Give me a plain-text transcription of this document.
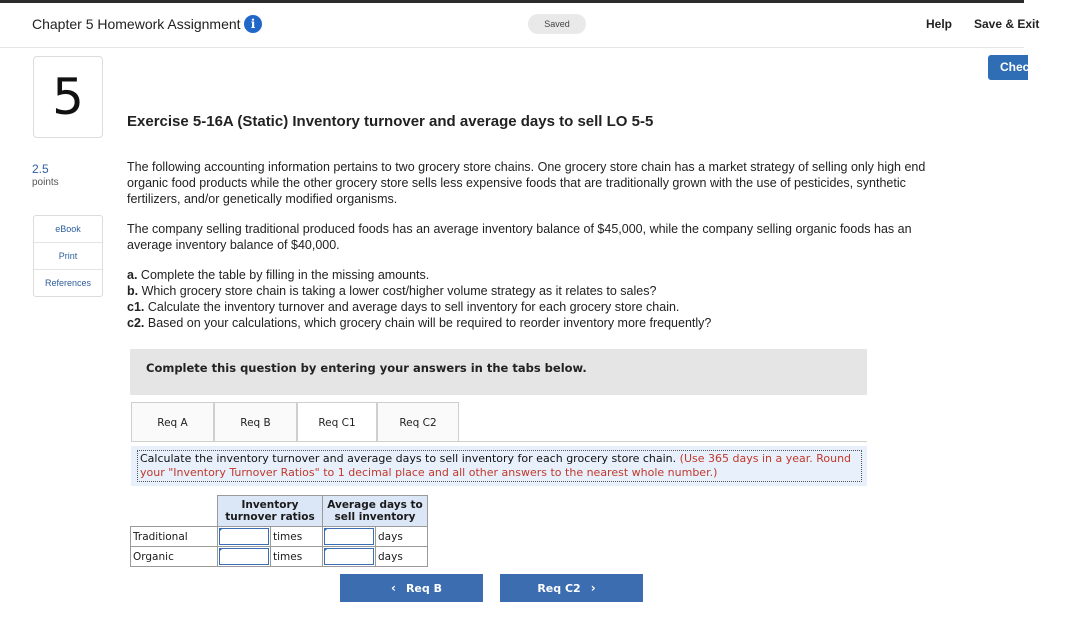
Chapter 5 Homework Assignment i	Saved	Help Save & Exit
Check my work
5
2.5
points
eBook
Print
References
Exercise 5-16A (Static) Inventory turnover and average days to sell LO 5-5

The following accounting information pertains to two grocery store chains. One grocery store chain has a market strategy of selling only high end organic food products while the other grocery store sells less expensive foods that are traditionally grown with the use of pesticides, synthetic fertilizers, and/or genetically modified organisms.

The company selling traditional produced foods has an average inventory balance of $45,000, while the company selling organic foods has an average inventory balance of $40,000.

a. Complete the table by filling in the missing amounts.
b. Which grocery store chain is taking a lower cost/higher volume strategy as it relates to sales?
c1. Calculate the inventory turnover and average days to sell inventory for each grocery store chain.
c2. Based on your calculations, which grocery chain will be required to reorder inventory more frequently?
Complete this question by entering your answers in the tabs below.
Req A	Req B	Req C1	Req C2
Calculate the inventory turnover and average days to sell inventory for each grocery store chain. (Use 365 days in a year. Round your "Inventory Turnover Ratios" to 1 decimal place and all other answers to the nearest whole number.)
	Inventory turnover ratios		Average days to sell inventory	
Traditional		times		days
Organic		times		days
‹ Req B	Req C2 ›
